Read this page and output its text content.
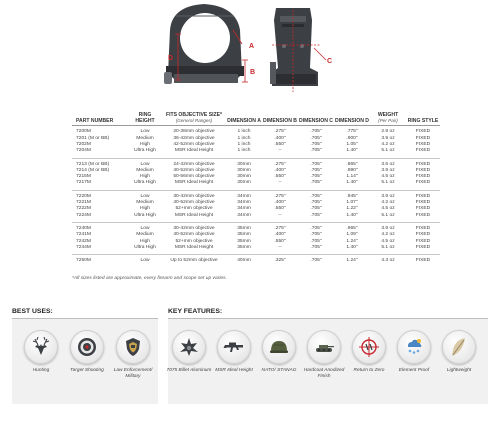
A
B
C
D
PART NUMBER	RING HEIGHT	FITS OBJECTIVE SIZE*
(General Ranges)	DIMENSION A	DIMENSION B	DIMENSION C	DIMENSION D	WEIGHT
(Per Pair)	RING STYLE
7200M	Low	20-38mm objective	1 inch	.275"	.705"	.775"	2.9 oz	FIXED
7201 (M or BB)	Medium	36-42mm objective	1 inch	.400"	.705"	.900"	3.9 oz	FIXED
7202M	High	42-52mm objective	1 inch	.550"	.705"	1.05"	4.2 oz	FIXED
7204M	Ultra High	MSR Ideal Height	1 inch	--	.705"	1.40"	5.1 oz	FIXED
7213 (M or BB)	Low	24-42mm objective	30mm	.275"	.705"	.865"	3.5 oz	FIXED
7214 (M or BB)	Medium	40-52mm objective	30mm	.400"	.705"	.990"	3.9 oz	FIXED
7215M	High	50-56mm objective	30mm	.550"	.705"	1.14"	4.5 oz	FIXED
7217M	Ultra High	MSR Ideal Height	30mm	--	.705"	1.40"	5.1 oz	FIXED
7220M	Low	30-42mm objective	34mm	.275"	.705"	.945"	3.9 oz	FIXED
7221M	Medium	40-52mm objective	34mm	.400"	.705"	1.07"	4.2 oz	FIXED
7222M	High	52+mm objective	34mm	.550"	.705"	1.22"	4.5 oz	FIXED
7224M	Ultra High	MSR Ideal Height	34mm	--	.705"	1.40"	5.1 oz	FIXED
7240M	Low	30-42mm objective	35mm	.275"	.705"	.965"	3.9 oz	FIXED
7241M	Medium	40-52mm objective	35mm	.400"	.705"	1.09"	4.2 oz	FIXED
7242M	High	52+mm objective	35mm	.550"	.705"	1.24"	4.5 oz	FIXED
7244M	Ultra High	MSR Ideal Height	35mm	--	.705"	1.40"	5.1 oz	FIXED
7250M	Low	Up to 52mm objective	40mm	.325"	.705"	1.24"	4.3 oz	FIXED
*All sizes listed are approximate, every firearm and scope set up varies.
BEST USES:	KEY FEATURES:
Hunting	Target Shooting	Law Enforcement/ Military
7075 Billet Aluminum MSR Ideal Height	NATO/ STANAG	Hardcoat Anodized Finish
Return to Zero	Element Proof	Lightweight
